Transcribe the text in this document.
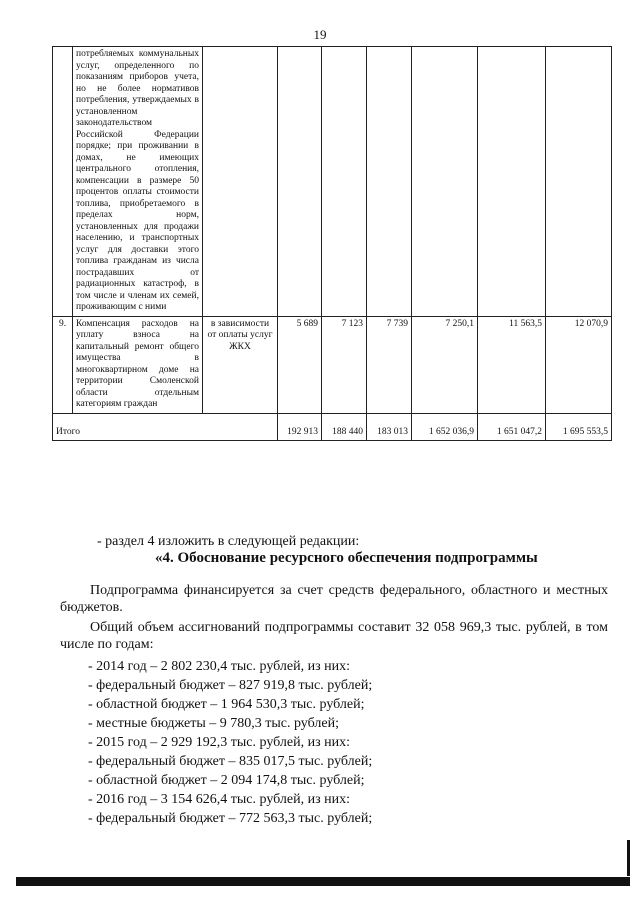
19
	потребляемых коммунальных услуг, определенного по показаниям приборов учета, но не более нормативов потребления, утверждаемых в установленном законодательством Российской Федерации порядке; при проживании в домах, не имеющих центрального отопления, компенсации в размере 50 процентов оплаты стоимости топлива, приобретаемого в пределах норм, установленных для продажи населению, и транспортных услуг для доставки этого топлива гражданам из числа пострадавших от радиационных катастроф, в том числе и членам их семей, проживающим с ними							
9.	Компенсация расходов на уплату взноса на капитальный ремонт общего имущества в многоквартирном доме на территории Смоленской области отдельным категориям граждан	в зависимости от оплаты услуг ЖКХ	5 689	7 123	7 739	7 250,1	11 563,5	12 070,9
Итого			192 913	188 440	183 013	1 652 036,9	1 651 047,2	1 695 553,5
- раздел 4 изложить в следующей редакции:
«4. Обоснование ресурсного обеспечения подпрограммы
Подпрограмма финансируется за счет средств федерального, областного и местных бюджетов.
Общий объем ассигнований подпрограммы составит 32 058 969,3 тыс. рублей, в том числе по годам:
- 2014 год – 2 802 230,4 тыс. рублей, из них:
- федеральный бюджет – 827 919,8 тыс. рублей;
- областной бюджет – 1 964 530,3 тыс. рублей;
- местные бюджеты – 9 780,3 тыс. рублей;
- 2015 год – 2 929 192,3 тыс. рублей, из них:
- федеральный бюджет – 835 017,5 тыс. рублей;
- областной бюджет – 2 094 174,8 тыс. рублей;
- 2016 год – 3 154 626,4 тыс. рублей, из них:
- федеральный бюджет – 772 563,3 тыс. рублей;
